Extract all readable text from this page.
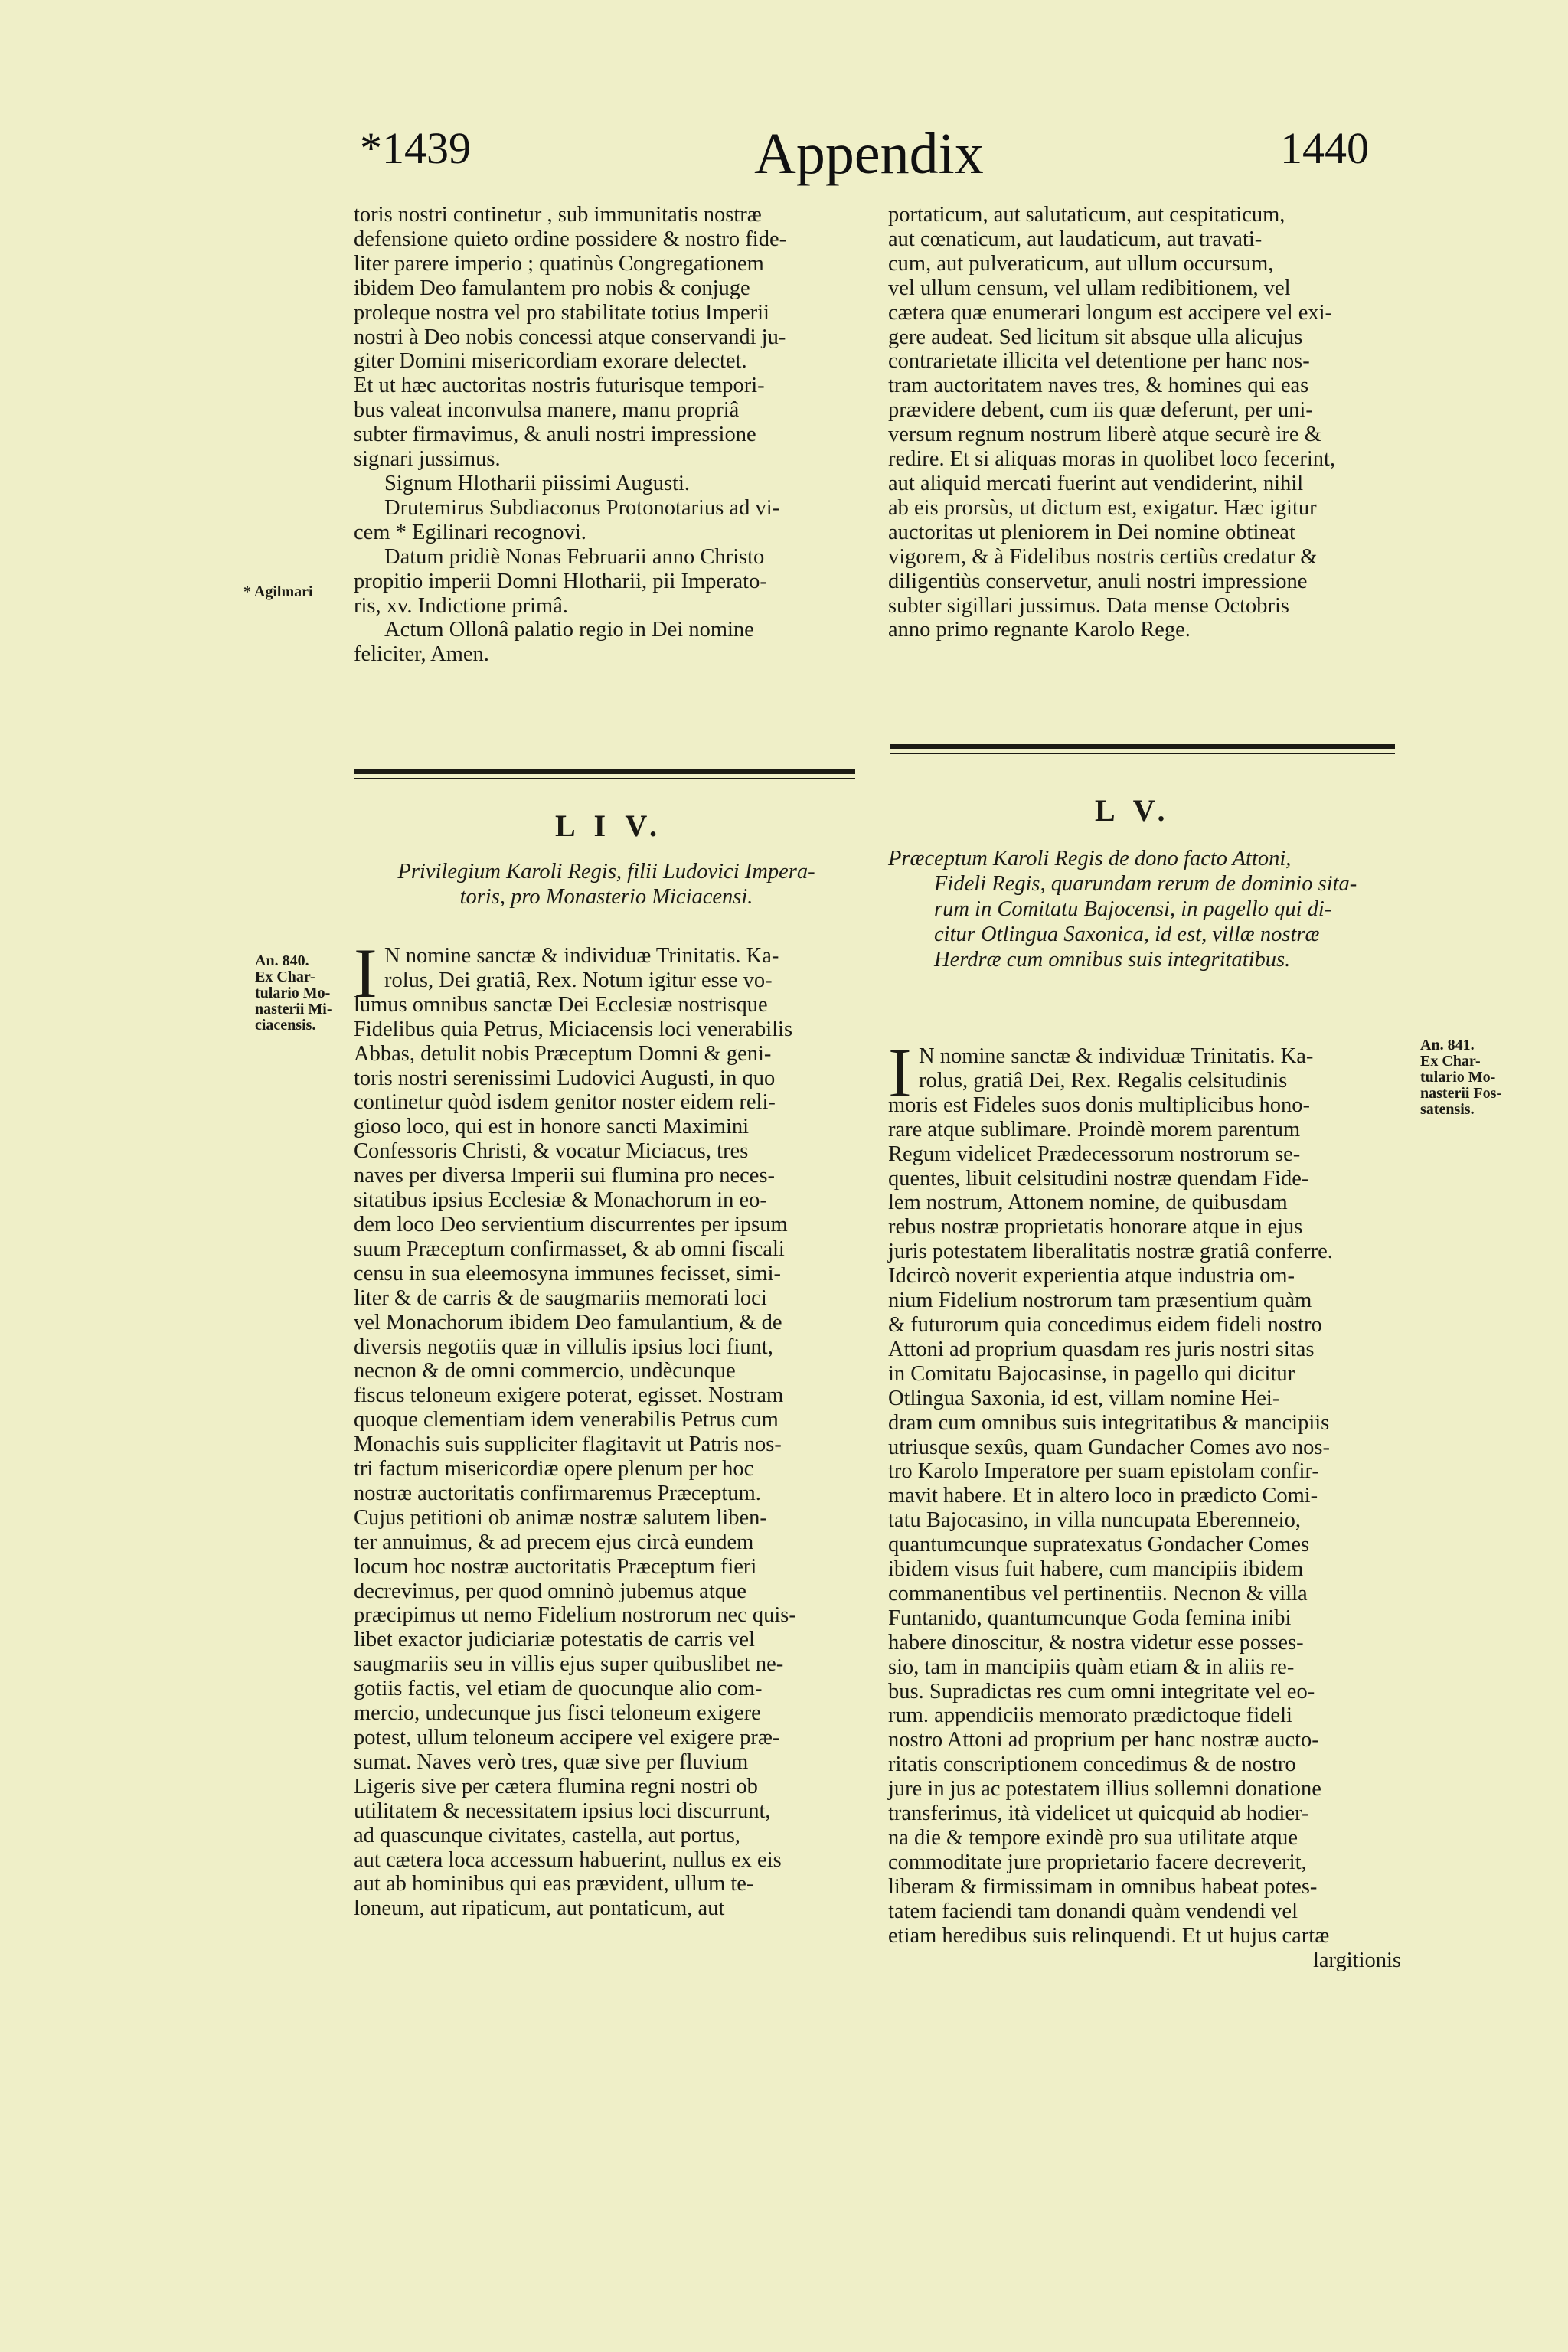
*1439	Appendix	1440

toris nostri continetur , sub immunitatis nostræ

defensione quieto ordine possidere & nostro fide-

liter parere imperio ; quatinùs Congregationem

ibidem Deo famulantem pro nobis & conjuge

proleque nostra vel pro stabilitate totius Imperii

nostri à Deo nobis concessi atque conservandi ju-

giter Domini misericordiam exorare delectet.

Et ut hæc auctoritas nostris futurisque tempori-

bus valeat inconvulsa manere, manu propriâ

subter firmavimus, & anuli nostri impressione

signari jussimus.

Signum Hlotharii piissimi Augusti.

Drutemirus Subdiaconus Protonotarius ad vi-

cem * Egilinari recognovi.

Datum pridiè Nonas Februarii anno Christo

propitio imperii Domni Hlotharii, pii Imperato-

ris, xv. Indictione primâ.

Actum Ollonâ palatio regio in Dei nomine

feliciter, Amen.

* Agilmari

portaticum, aut salutaticum, aut cespitaticum,

aut cœnaticum, aut laudaticum, aut travati-

cum, aut pulveraticum, aut ullum occursum,

vel ullum censum, vel ullam redibitionem, vel

cætera quæ enumerari longum est accipere vel exi-

gere audeat. Sed licitum sit absque ulla alicujus

contrarietate illicita vel detentione per hanc nos-

tram auctoritatem naves tres, & homines qui eas

prævidere debent, cum iis quæ deferunt, per uni-

versum regnum nostrum liberè atque securè ire &

redire. Et si aliquas moras in quolibet loco fecerint,

aut aliquid mercati fuerint aut vendiderint, nihil

ab eis prorsùs, ut dictum est, exigatur. Hæc igitur

auctoritas ut pleniorem in Dei nomine obtineat

vigorem, & à Fidelibus nostris certiùs credatur &

diligentiùs conservetur, anuli nostri impressione

subter sigillari jussimus. Data mense Octobris

anno primo regnante Karolo Rege.

L I V.

Privilegium Karoli Regis, filii Ludovici Impera-

toris, pro Monasterio Miciacensi.

L V.

Præceptum Karoli Regis de dono facto Attoni,

Fideli Regis, quarundam rerum de dominio sita-

rum in Comitatu Bajocensi, in pagello qui di-

citur Otlingua Saxonica, id est, villæ nostræ

Herdræ cum omnibus suis integritatibus.

An. 840.

Ex Char-

tulario Mo-

nasterii Mi-

ciacensis.

An. 841.

Ex Char-

tulario Mo-

nasterii Fos-

satensis.

I
I

N nomine sanctæ & individuæ Trinitatis. Ka-

rolus, Dei gratiâ, Rex. Notum igitur esse vo-

lumus omnibus sanctæ Dei Ecclesiæ nostrisque

Fidelibus quia Petrus, Miciacensis loci venerabilis

Abbas, detulit nobis Præceptum Domni & geni-

toris nostri serenissimi Ludovici Augusti, in quo

continetur quòd isdem genitor noster eidem reli-

gioso loco, qui est in honore sancti Maximini

Confessoris Christi, & vocatur Miciacus, tres

naves per diversa Imperii sui flumina pro neces-

sitatibus ipsius Ecclesiæ & Monachorum in eo-

dem loco Deo servientium discurrentes per ipsum

suum Præceptum confirmasset, & ab omni fiscali

censu in sua eleemosyna immunes fecisset, simi-

liter & de carris & de saugmariis memorati loci

vel Monachorum ibidem Deo famulantium, & de

diversis negotiis quæ in villulis ipsius loci fiunt,

necnon & de omni commercio, undècunque

fiscus teloneum exigere poterat, egisset. Nostram

quoque clementiam idem venerabilis Petrus cum

Monachis suis suppliciter flagitavit ut Patris nos-

tri factum misericordiæ opere plenum per hoc

nostræ auctoritatis confirmaremus Præceptum.

Cujus petitioni ob animæ nostræ salutem liben-

ter annuimus, & ad precem ejus circà eundem

locum hoc nostræ auctoritatis Præceptum fieri

decrevimus, per quod omninò jubemus atque

præcipimus ut nemo Fidelium nostrorum nec quis-

libet exactor judiciariæ potestatis de carris vel

saugmariis seu in villis ejus super quibuslibet ne-

gotiis factis, vel etiam de quocunque alio com-

mercio, undecunque jus fisci teloneum exigere

potest, ullum teloneum accipere vel exigere præ-

sumat. Naves verò tres, quæ sive per fluvium

Ligeris sive per cætera flumina regni nostri ob

utilitatem & necessitatem ipsius loci discurrunt,

ad quascunque civitates, castella, aut portus,

aut cætera loca accessum habuerint, nullus ex eis

aut ab hominibus qui eas prævident, ullum te-

loneum, aut ripaticum, aut pontaticum, aut

N nomine sanctæ & individuæ Trinitatis. Ka-

rolus, gratiâ Dei, Rex. Regalis celsitudinis

moris est Fideles suos donis multiplicibus hono-

rare atque sublimare. Proindè morem parentum

Regum videlicet Prædecessorum nostrorum se-

quentes, libuit celsitudini nostræ quendam Fide-

lem nostrum, Attonem nomine, de quibusdam

rebus nostræ proprietatis honorare atque in ejus

juris potestatem liberalitatis nostræ gratiâ conferre.

Idcircò noverit experientia atque industria om-

nium Fidelium nostrorum tam præsentium quàm

& futurorum quia concedimus eidem fideli nostro

Attoni ad proprium quasdam res juris nostri sitas

in Comitatu Bajocasinse, in pagello qui dicitur

Otlingua Saxonia, id est, villam nomine Hei-

dram cum omnibus suis integritatibus & mancipiis

utriusque sexûs, quam Gundacher Comes avo nos-

tro Karolo Imperatore per suam epistolam confir-

mavit habere. Et in altero loco in prædicto Comi-

tatu Bajocasino, in villa nuncupata Eberenneio,

quantumcunque supratexatus Gondacher Comes

ibidem visus fuit habere, cum mancipiis ibidem

commanentibus vel pertinentiis. Necnon & villa

Funtanido, quantumcunque Goda femina inibi

habere dinoscitur, & nostra videtur esse posses-

sio, tam in mancipiis quàm etiam & in aliis re-

bus. Supradictas res cum omni integritate vel eo-

rum. appendiciis memorato prædictoque fideli

nostro Attoni ad proprium per hanc nostræ aucto-

ritatis conscriptionem concedimus & de nostro

jure in jus ac potestatem illius sollemni donatione

transferimus, ità videlicet ut quicquid ab hodier-

na die & tempore exindè pro sua utilitate atque

commoditate jure proprietario facere decreverit,

liberam & firmissimam in omnibus habeat potes-

tatem faciendi tam donandi quàm vendendi vel

etiam heredibus suis relinquendi. Et ut hujus cartæ

largitionis
